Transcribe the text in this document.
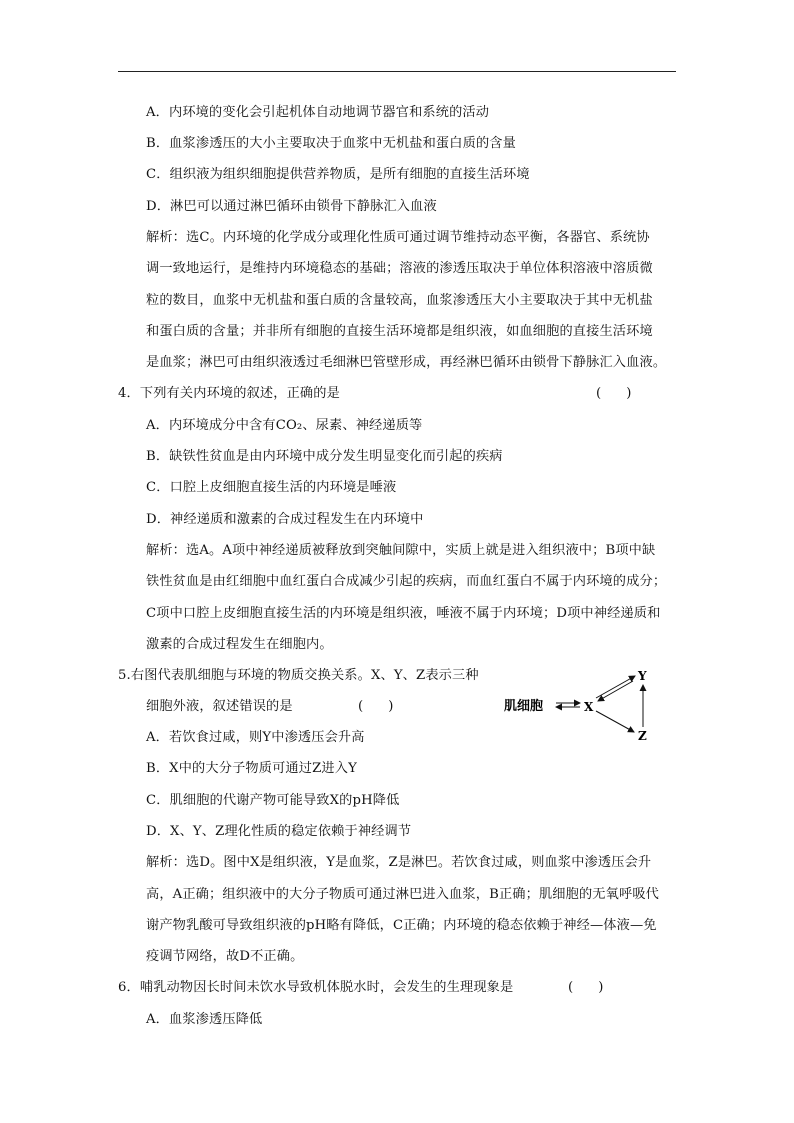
A．内环境的变化会引起机体自动地调节器官和系统的活动
B．血浆渗透压的大小主要取决于血浆中无机盐和蛋白质的含量
C．组织液为组织细胞提供营养物质，是所有细胞的直接生活环境
D．淋巴可以通过淋巴循环由锁骨下静脉汇入血液
解析：选C。内环境的化学成分或理化性质可通过调节维持动态平衡，各器官、系统协
调一致地运行，是维持内环境稳态的基础；溶液的渗透压取决于单位体积溶液中溶质微
粒的数目，血浆中无机盐和蛋白质的含量较高，血浆渗透压大小主要取决于其中无机盐
和蛋白质的含量；并非所有细胞的直接生活环境都是组织液，如血细胞的直接生活环境
是血浆；淋巴可由组织液透过毛细淋巴管壁形成，再经淋巴循环由锁骨下静脉汇入血液。
4．下列有关内环境的叙述，正确的是	(      )
A．内环境成分中含有CO₂、尿素、神经递质等
B．缺铁性贫血是由内环境中成分发生明显变化而引起的疾病
C．口腔上皮细胞直接生活的内环境是唾液
D．神经递质和激素的合成过程发生在内环境中
解析：选A。A项中神经递质被释放到突触间隙中，实质上就是进入组织液中；B项中缺
铁性贫血是由红细胞中血红蛋白合成减少引起的疾病，而血红蛋白不属于内环境的成分；
C项中口腔上皮细胞直接生活的内环境是组织液，唾液不属于内环境；D项中神经递质和
激素的合成过程发生在细胞内。
5.右图代表肌细胞与环境的物质交换关系。X、Y、Z表示三种
细胞外液，叙述错误的是	(      )	肌细胞	X
Y
Z
A．若饮食过咸，则Y中渗透压会升高
B．X中的大分子物质可通过Z进入Y
C．肌细胞的代谢产物可能导致X的pH降低
D．X、Y、Z理化性质的稳定依赖于神经调节
解析：选D。图中X是组织液，Y是血浆，Z是淋巴。若饮食过咸，则血浆中渗透压会升
高，A正确；组织液中的大分子物质可通过淋巴进入血浆，B正确；肌细胞的无氧呼吸代
谢产物乳酸可导致组织液的pH略有降低，C正确；内环境的稳态依赖于神经—体液—免
疫调节网络，故D不正确。
6．哺乳动物因长时间未饮水导致机体脱水时，会发生的生理现象是	(      )
A．血浆渗透压降低
